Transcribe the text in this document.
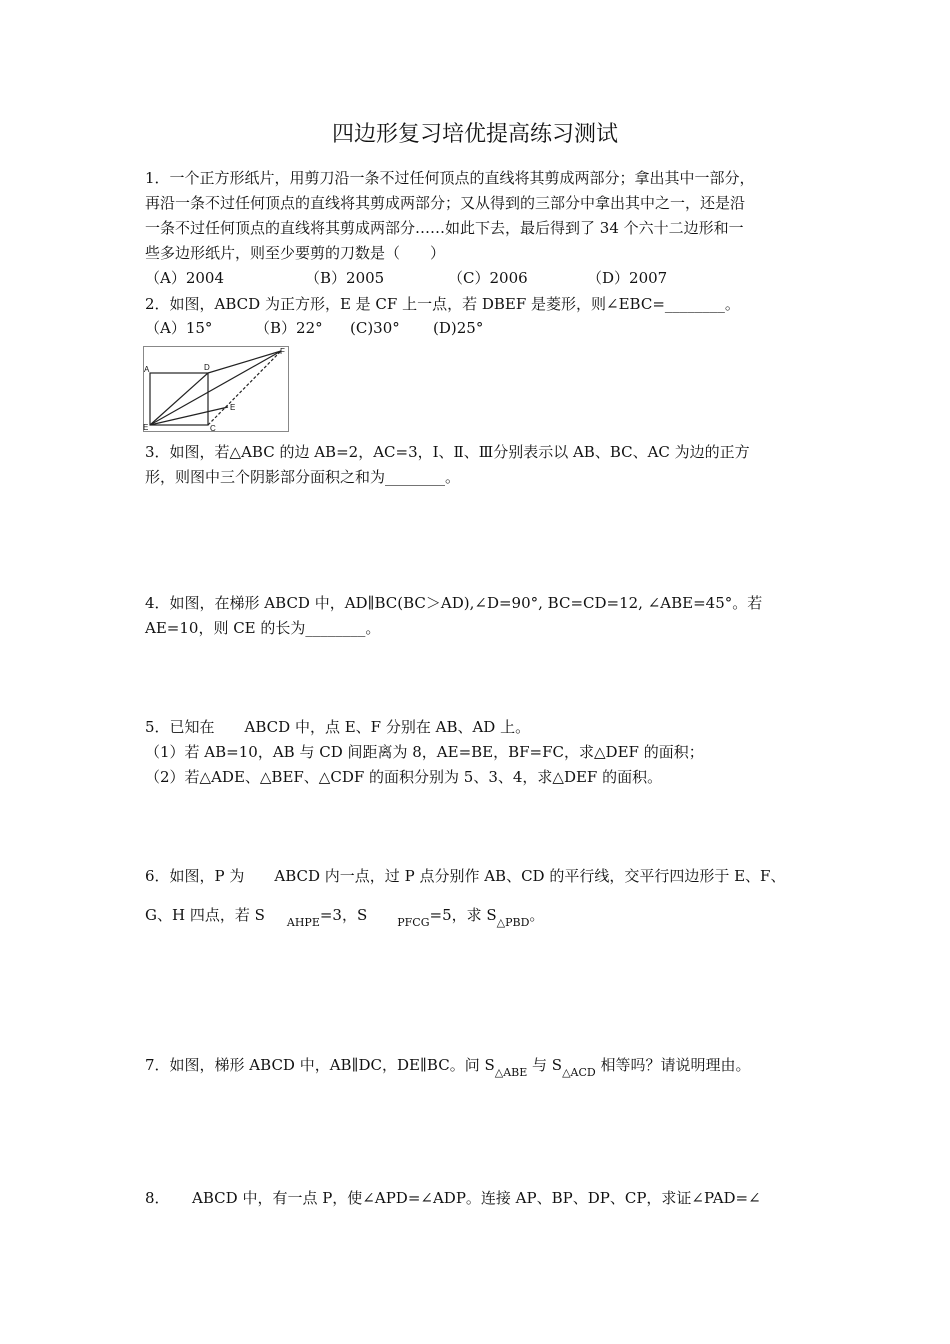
四边形复习培优提高练习测试
1．一个正方形纸片，用剪刀沿一条不过任何顶点的直线将其剪成两部分；拿出其中一部分，
再沿一条不过任何顶点的直线将其剪成两部分；又从得到的三部分中拿出其中之一，还是沿
一条不过任何顶点的直线将其剪成两部分……如此下去，最后得到了 34 个六十二边形和一
些多边形纸片，则至少要剪的刀数是（　　）
（A）2004	（B）2005	（C）2006	（D）2007
2．如图，ABCD 为正方形，E 是 CF 上一点，若 DBEF 是菱形，则∠EBC=________。
（A）15°	（B）22° (C)30° (D)25°
A	D
F
E
E	C
3．如图，若△ABC 的边 AB=2，AC=3，Ⅰ、Ⅱ、Ⅲ分别表示以 AB、BC、AC 为边的正方
形，则图中三个阴影部分面积之和为________。
4．如图，在梯形 ABCD 中，AD∥BC(BC＞AD),∠D=90°, BC=CD=12, ∠ABE=45°。若
AE=10，则 CE 的长为________。
5．已知在　　ABCD 中，点 E、F 分别在 AB、AD 上。
（1）若 AB=10，AB 与 CD 间距离为 8，AE=BE，BF=FC，求△DEF 的面积；
（2）若△ADE、△BEF、△CDF 的面积分别为 5、3、4，求△DEF 的面积。
6．如图，P 为　　ABCD 内一点，过 P 点分别作 AB、CD 的平行线，交平行四边形于 E、F、
G、H 四点，若 S $_{AHPE}$=3，S	$_{PFCG}$=5，求 $S_{\triangle PBD}$。
7．如图，梯形 ABCD 中，AB∥DC，DE∥BC。问 $S_{\triangle ABE}$ 与 $S_{\triangle ACD}$ 相等吗？请说明理由。
8．　　ABCD 中，有一点 P，使∠APD=∠ADP。连接 AP、BP、DP、CP，求证∠PAD=∠
